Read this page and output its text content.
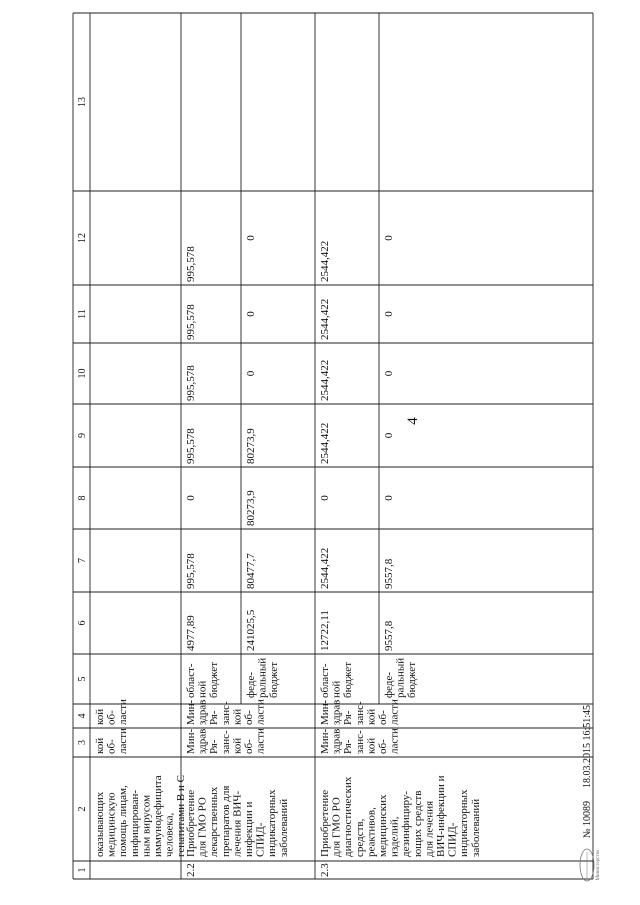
4
1
2
3
4
5
6
7
8
9
10
11
12
13
оказывающих медицинскую помощь лицам, инфицирован- ным вирусом иммунодефицита человека, гепатитами В и С
кой об- ласти
кой об- ласти
2.2
Приобретение для ГМО РО лекарственных препаратов для лечения ВИЧ- инфекции и СПИД- индикаторных заболеваний
Мин- здрав Ря- занс- кой об- ласти
Мин- здрав Ря- занс- кой об- ласти
област- ной бюджет
4977,89
995,578
0
995,578
995,578
995,578
995,578
феде- ральный бюджет
241025,5
80477,7
80273,9
80273,9
0
0
0
2.3
Приобретение для ГМО РО диагностических средств, реактивов, медицинских изделий, дезинфициру- ющих средств для лечения ВИЧ-инфекции и СПИД- индикаторных заболеваний
Мин- здрав Ря- занс- кой об- ласти
Мин- здрав Ря- занс- кой об- ласти
област- ной бюджет
12722,11
2544,422
0
2544,422
2544,422
2544,422
2544,422
феде- ральный бюджет
9557,8
9557,8
0
0
0
0
0
Министерство
№ 10089
18.03.2015 16:51:45
